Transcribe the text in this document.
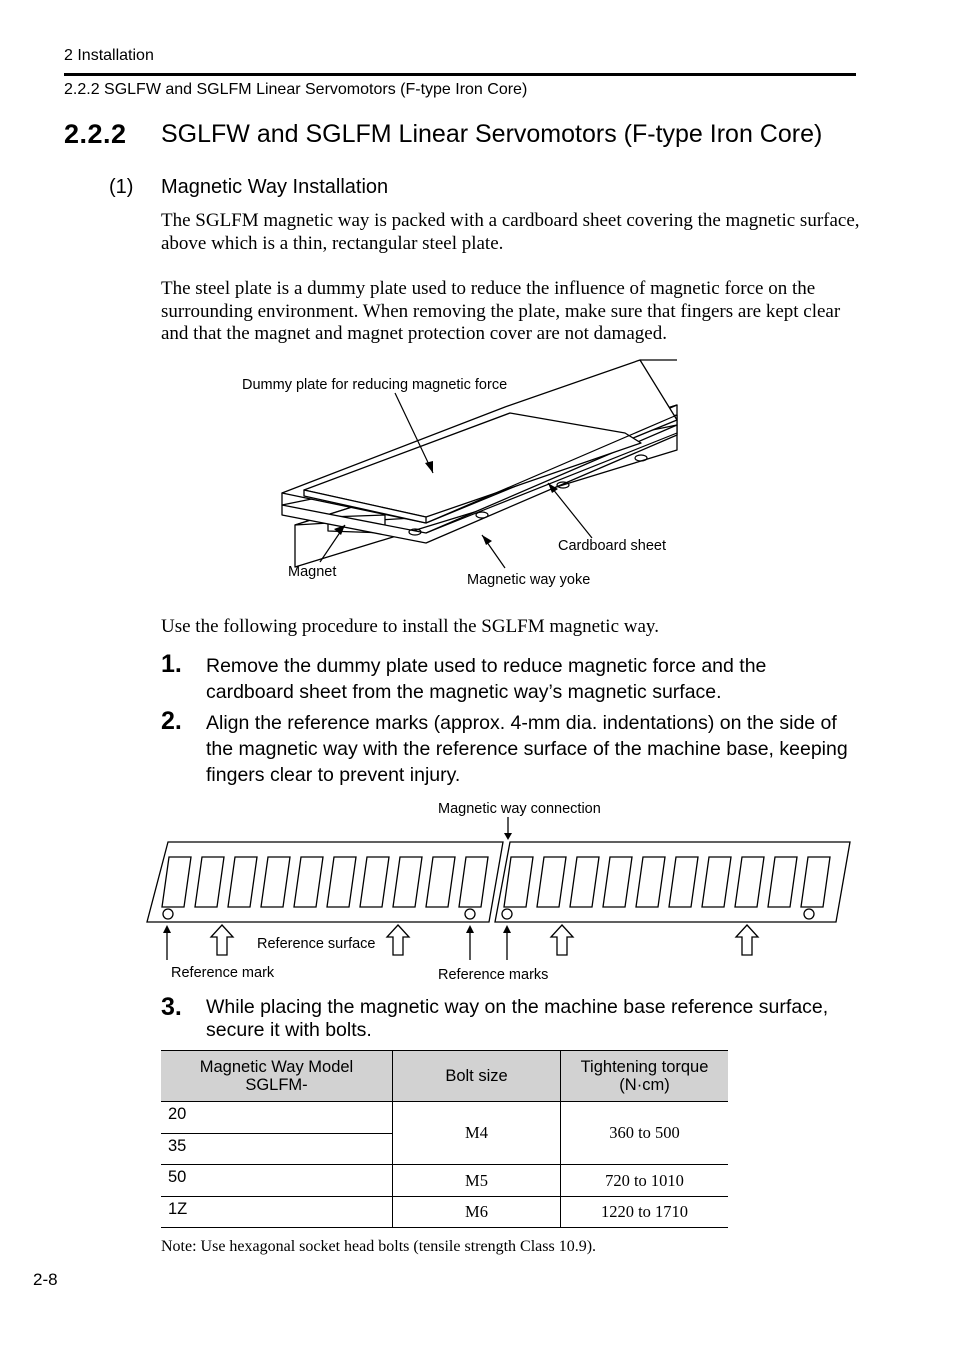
2 Installation
2.2.2 SGLFW and SGLFM Linear Servomotors (F-type Iron Core)
2.2.2 SGLFW and SGLFM Linear Servomotors (F-type Iron Core)
(1) Magnetic Way Installation
The SGLFM magnetic way is packed with a cardboard sheet covering the magnetic surface, above which is a thin, rectangular steel plate.
The steel plate is a dummy plate used to reduce the influence of magnetic force on the surrounding environment. When removing the plate, make sure that fingers are kept clear and that the magnet and magnet protection cover are not damaged.
Dummy plate for reducing magnetic force
Cardboard sheet
Magnet	Magnetic way yoke
Use the following procedure to install the SGLFM magnetic way.
1. Remove the dummy plate used to reduce magnetic force and the cardboard sheet from the magnetic way’s magnetic surface.
2. Align the reference marks (approx. 4-mm dia. indentations) on the side of the magnetic way with the reference surface of the machine base, keeping fingers clear to prevent injury.
Magnetic way connection
Reference surface
Reference mark	Reference marks
3. While placing the magnetic way on the machine base reference surface, secure it with bolts.
Magnetic Way Model
SGLFM-	Bolt size	Tightening torque
(N·cm)
20	M4	360 to 500
35		
50	M5	720 to 1010
1Z	M6	1220 to 1710
Note: Use hexagonal socket head bolts (tensile strength Class 10.9).
2-8
